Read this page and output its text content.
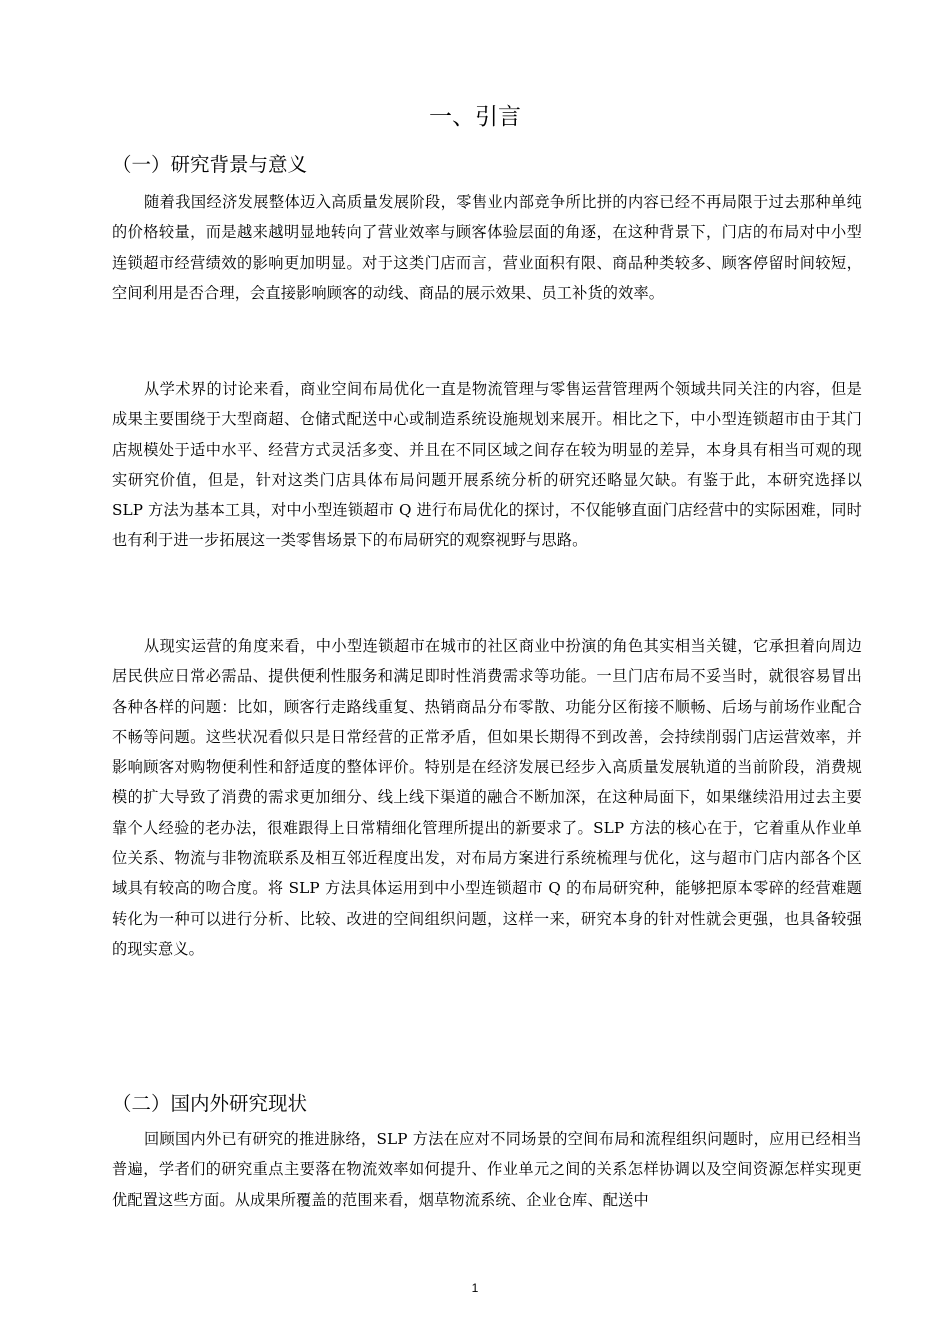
一、引言
（一）研究背景与意义

随着我国经济发展整体迈入高质量发展阶段，零售业内部竞争所比拼的内容已经不再局限于过去那种单纯的价格较量，而是越来越明显地转向了营业效率与顾客体验层面的角逐，在这种背景下，门店的布局对中小型连锁超市经营绩效的影响更加明显。对于这类门店而言，营业面积有限、商品种类较多、顾客停留时间较短，空间利用是否合理，会直接影响顾客的动线、商品的展示效果、员工补货的效率。

从学术界的讨论来看，商业空间布局优化一直是物流管理与零售运营管理两个领域共同关注的内容，但是成果主要围绕于大型商超、仓储式配送中心或制造系统设施规划来展开。相比之下，中小型连锁超市由于其门店规模处于适中水平、经营方式灵活多变、并且在不同区域之间存在较为明显的差异，本身具有相当可观的现实研究价值，但是，针对这类门店具体布局问题开展系统分析的研究还略显欠缺。有鉴于此，本研究选择以 SLP 方法为基本工具，对中小型连锁超市 Q 进行布局优化的探讨，不仅能够直面门店经营中的实际困难，同时也有利于进一步拓展这一类零售场景下的布局研究的观察视野与思路。

从现实运营的角度来看，中小型连锁超市在城市的社区商业中扮演的角色其实相当关键，它承担着向周边居民供应日常必需品、提供便利性服务和满足即时性消费需求等功能。一旦门店布局不妥当时，就很容易冒出各种各样的问题：比如，顾客行走路线重复、热销商品分布零散、功能分区衔接不顺畅、后场与前场作业配合不畅等问题。这些状况看似只是日常经营的正常矛盾，但如果长期得不到改善，会持续削弱门店运营效率，并影响顾客对购物便利性和舒适度的整体评价。特别是在经济发展已经步入高质量发展轨道的当前阶段，消费规模的扩大导致了消费的需求更加细分、线上线下渠道的融合不断加深，在这种局面下，如果继续沿用过去主要靠个人经验的老办法，很难跟得上日常精细化管理所提出的新要求了。SLP 方法的核心在于，它着重从作业单位关系、物流与非物流联系及相互邻近程度出发，对布局方案进行系统梳理与优化，这与超市门店内部各个区域具有较高的吻合度。将 SLP 方法具体运用到中小型连锁超市 Q 的布局研究种，能够把原本零碎的经营难题转化为一种可以进行分析、比较、改进的空间组织问题，这样一来，研究本身的针对性就会更强，也具备较强的现实意义。

（二）国内外研究现状

回顾国内外已有研究的推进脉络，SLP 方法在应对不同场景的空间布局和流程组织问题时，应用已经相当普遍，学者们的研究重点主要落在物流效率如何提升、作业单元之间的关系怎样协调以及空间资源怎样实现更优配置这些方面。从成果所覆盖的范围来看，烟草物流系统、企业仓库、配送中

1
